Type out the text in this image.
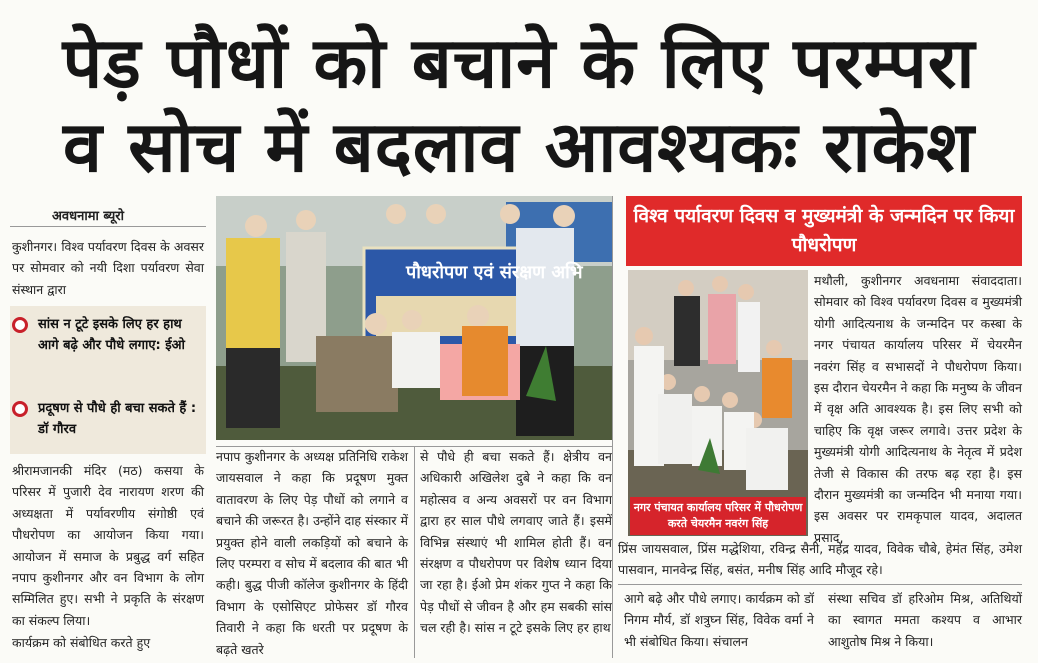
पेड़ पौधों को बचाने के लिए परम्परा
व सोच में बदलाव आवश्यकः राकेश
अवधनामा ब्यूरो
कुशीनगर। विश्व पर्यावरण दिवस के अवसर पर सोमवार को नयी दिशा पर्यावरण सेवा संस्थान द्वारा
सांस न टूटे इसके लिए हर हाथ आगे बढ़े और पौधे लगाए: ईओ
प्रदूषण से पौधे ही बचा सकते हैं : डॉ गौरव
श्रीरामजानकी मंदिर (मठ) कसया के परिसर में पुजारी देव नारायण शरण की अध्यक्षता में पर्यावरणीय संगोष्ठी एवं पौधरोपण का आयोजन किया गया। आयोजन में समाज के प्रबुद्ध वर्ग सहित नपाप कुशीनगर और वन विभाग के लोग सम्मिलित हुए। सभी ने प्रकृति के संरक्षण का संकल्प लिया।
कार्यक्रम को संबोधित करते हुए
पौधरोपण एवं संरक्षण अभि
नपाप कुशीनगर के अध्यक्ष प्रतिनिधि राकेश जायसवाल ने कहा कि प्रदूषण मुक्त वातावरण के लिए पेड़ पौधों को लगाने व बचाने की जरूरत है। उन्होंने दाह संस्कार में प्रयुक्त होने वाली लकड़ियों को बचाने के लिए परम्परा व सोच में बदलाव की बात भी कही। बुद्ध पीजी कॉलेज कुशीनगर के हिंदी विभाग के एसोसिएट प्रोफेसर डॉ गौरव तिवारी ने कहा कि धरती पर प्रदूषण के बढ़ते खतरे
से पौधे ही बचा सकते हैं। क्षेत्रीय वन अधिकारी अखिलेश दुबे ने कहा कि वन महोत्सव व अन्य अवसरों पर वन विभाग द्वारा हर साल पौधे लगवाए जाते हैं। इसमें विभिन्न संस्थाएं भी शामिल होती हैं। वन संरक्षण व पौधरोपण पर विशेष ध्यान दिया जा रहा है। ईओ प्रेम शंकर गुप्त ने कहा कि पेड़ पौधों से जीवन है और हम सबकी सांस चल रही है। सांस न टूटे इसके लिए हर हाथ
विश्व पर्यावरण दिवस व मुख्यमंत्री के जन्मदिन पर किया पौधरोपण
नगर पंचायत कार्यालय परिसर में पौधरोपण करते चेयरमैन नवरंग सिंह
मथौली, कुशीनगर अवधनामा संवाददाता। सोमवार को विश्व पर्यावरण दिवस व मुख्यमंत्री योगी आदित्यनाथ के जन्मदिन पर कस्बा के नगर पंचायत कार्यालय परिसर में चेयरमैन नवरंग सिंह व सभासदों ने पौधरोपण किया। इस दौरान चेयरमैन ने कहा कि मनुष्य के जीवन में वृक्ष अति आवश्यक है। इस लिए सभी को चाहिए कि वृक्ष जरूर लगावे। उत्तर प्रदेश के मुख्यमंत्री योगी आदित्यनाथ के नेतृत्व में प्रदेश तेजी से विकास की तरफ बढ़ रहा है। इस दौरान मुख्यमंत्री का जन्मदिन भी मनाया गया। इस अवसर पर रामकृपाल यादव, अदालत प्रसाद,
प्रिंस जायसवाल, प्रिंस मद्धेशिया, रविन्द्र सैनी, महेंद्र यादव, विवेक चौबे, हेमंत सिंह, उमेश पासवान, मानवेन्द्र सिंह, बसंत, मनीष सिंह आदि मौजूद रहे।
आगे बढ़े और पौधे लगाए। कार्यक्रम को डॉ निगम मौर्य, डॉ शत्रुघ्न सिंह, विवेक वर्मा ने भी संबोधित किया। संचालन
संस्था सचिव डॉ हरिओम मिश्र, अतिथियों का स्वागत ममता कश्यप व आभार आशुतोष मिश्र ने किया।
